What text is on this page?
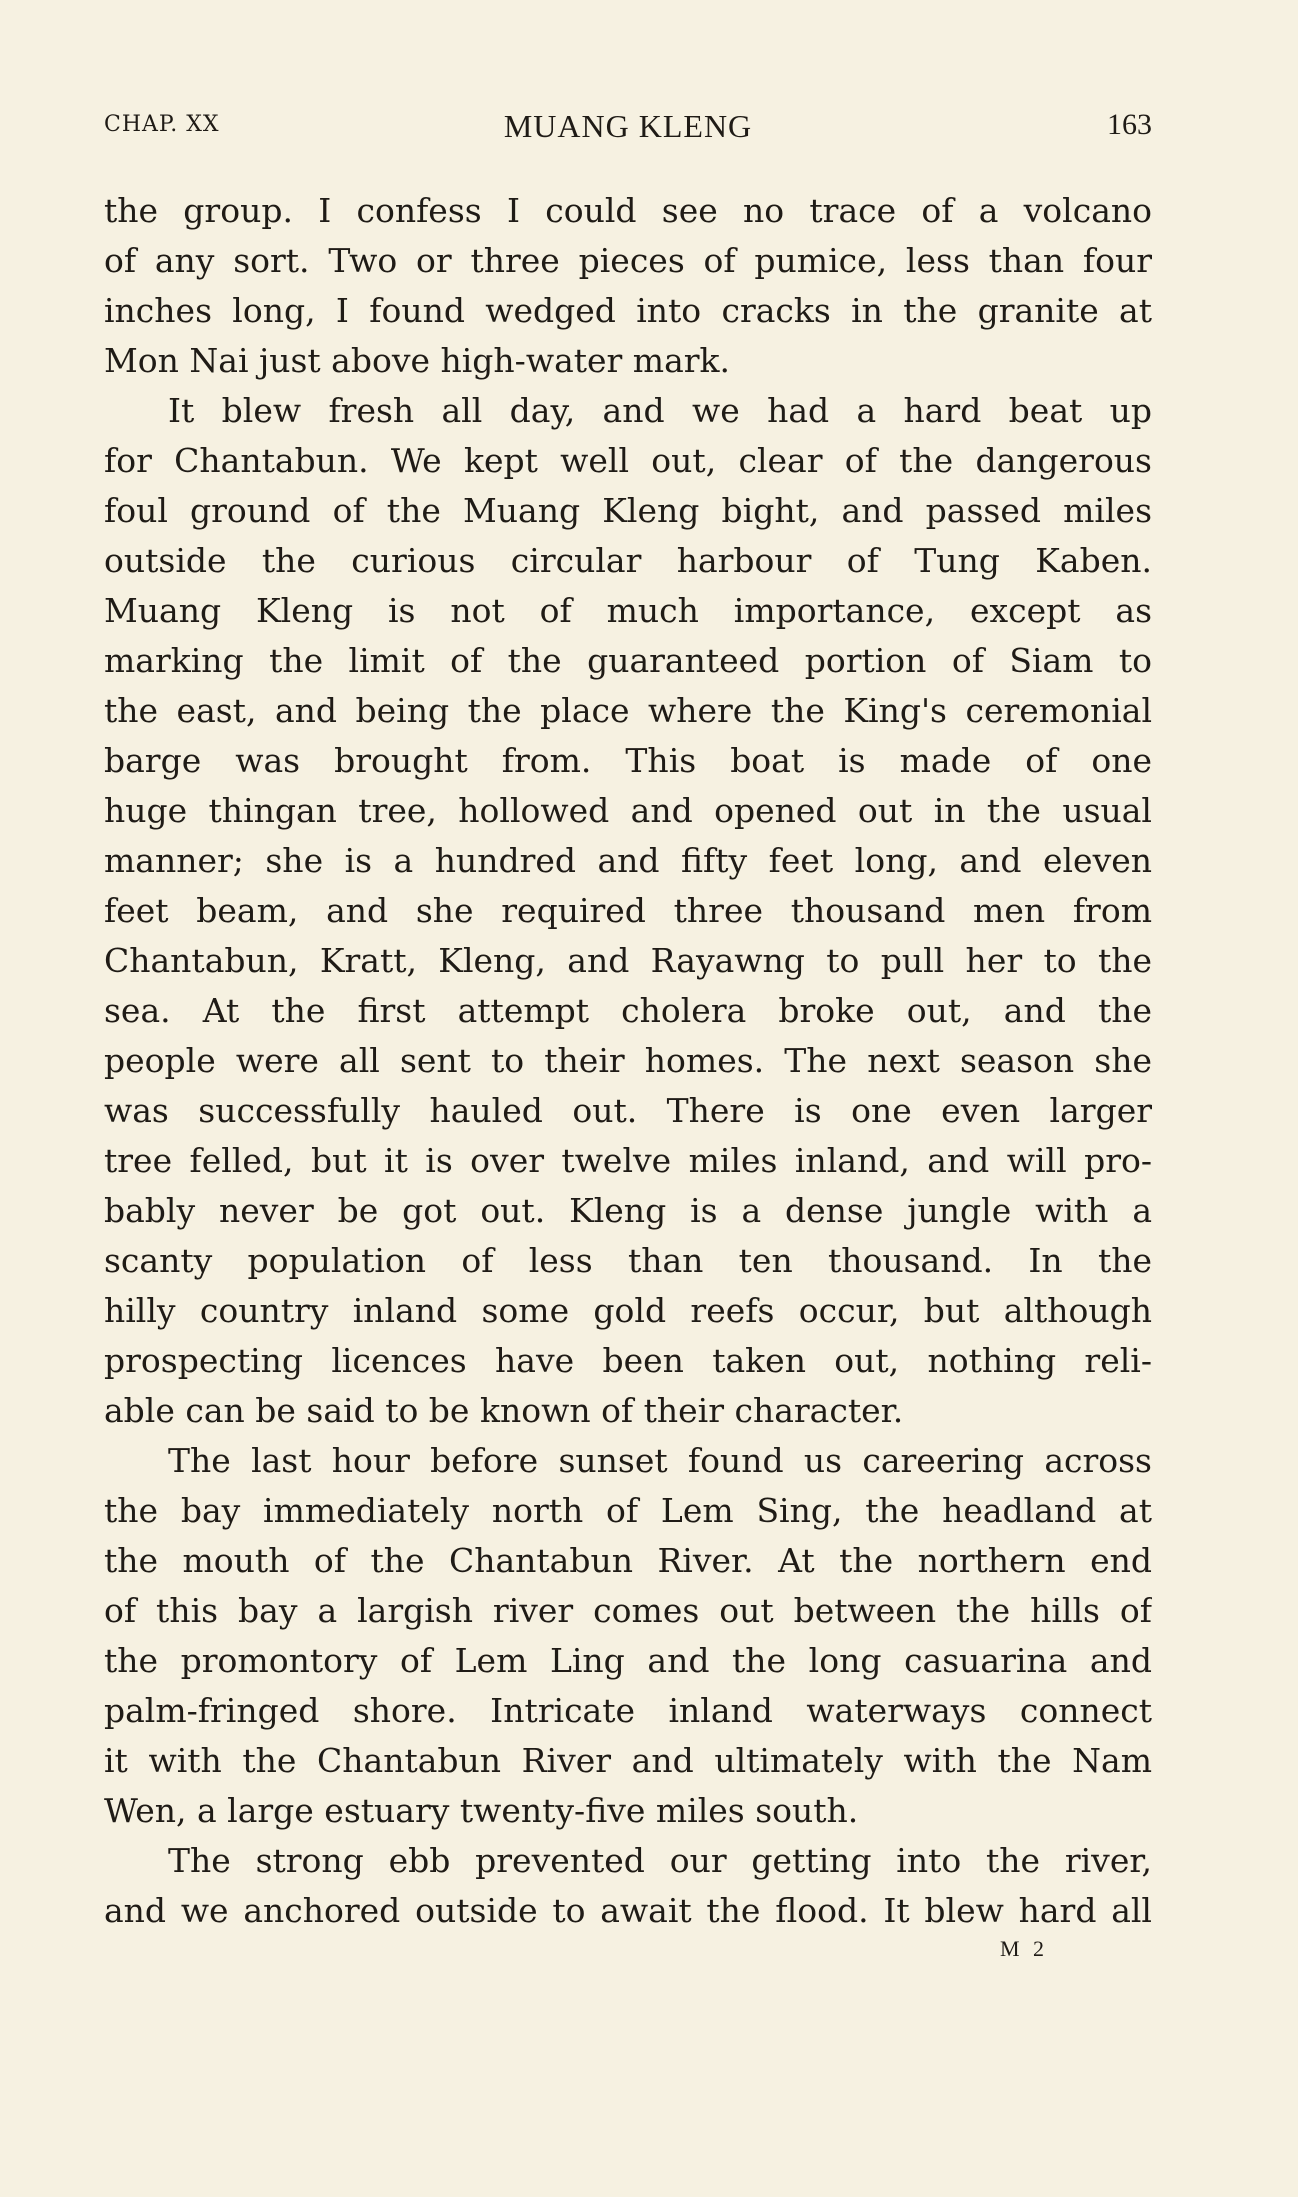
CHAP. XX	MUANG KLENG	163
the group. I confess I could see no trace of a volcano
of any sort. Two or three pieces of pumice, less than four
inches long, I found wedged into cracks in the granite at
Mon Nai just above high-water mark.
It blew fresh all day, and we had a hard beat up
for Chantabun. We kept well out, clear of the dangerous
foul ground of the Muang Kleng bight, and passed miles
outside the curious circular harbour of Tung Kaben.
Muang Kleng is not of much importance, except as
marking the limit of the guaranteed portion of Siam to
the east, and being the place where the King's ceremonial
barge was brought from. This boat is made of one
huge thingan tree, hollowed and opened out in the usual
manner; she is a hundred and fifty feet long, and eleven
feet beam, and she required three thousand men from
Chantabun, Kratt, Kleng, and Rayawng to pull her to the
sea. At the first attempt cholera broke out, and the
people were all sent to their homes. The next season she
was successfully hauled out. There is one even larger
tree felled, but it is over twelve miles inland, and will pro-
bably never be got out. Kleng is a dense jungle with a
scanty population of less than ten thousand. In the
hilly country inland some gold reefs occur, but although
prospecting licences have been taken out, nothing reli-
able can be said to be known of their character.
The last hour before sunset found us careering across
the bay immediately north of Lem Sing, the headland at
the mouth of the Chantabun River. At the northern end
of this bay a largish river comes out between the hills of
the promontory of Lem Ling and the long casuarina and
palm-fringed shore. Intricate inland waterways connect
it with the Chantabun River and ultimately with the Nam
Wen, a large estuary twenty-five miles south.
The strong ebb prevented our getting into the river,
and we anchored outside to await the flood. It blew hard all
M 2
